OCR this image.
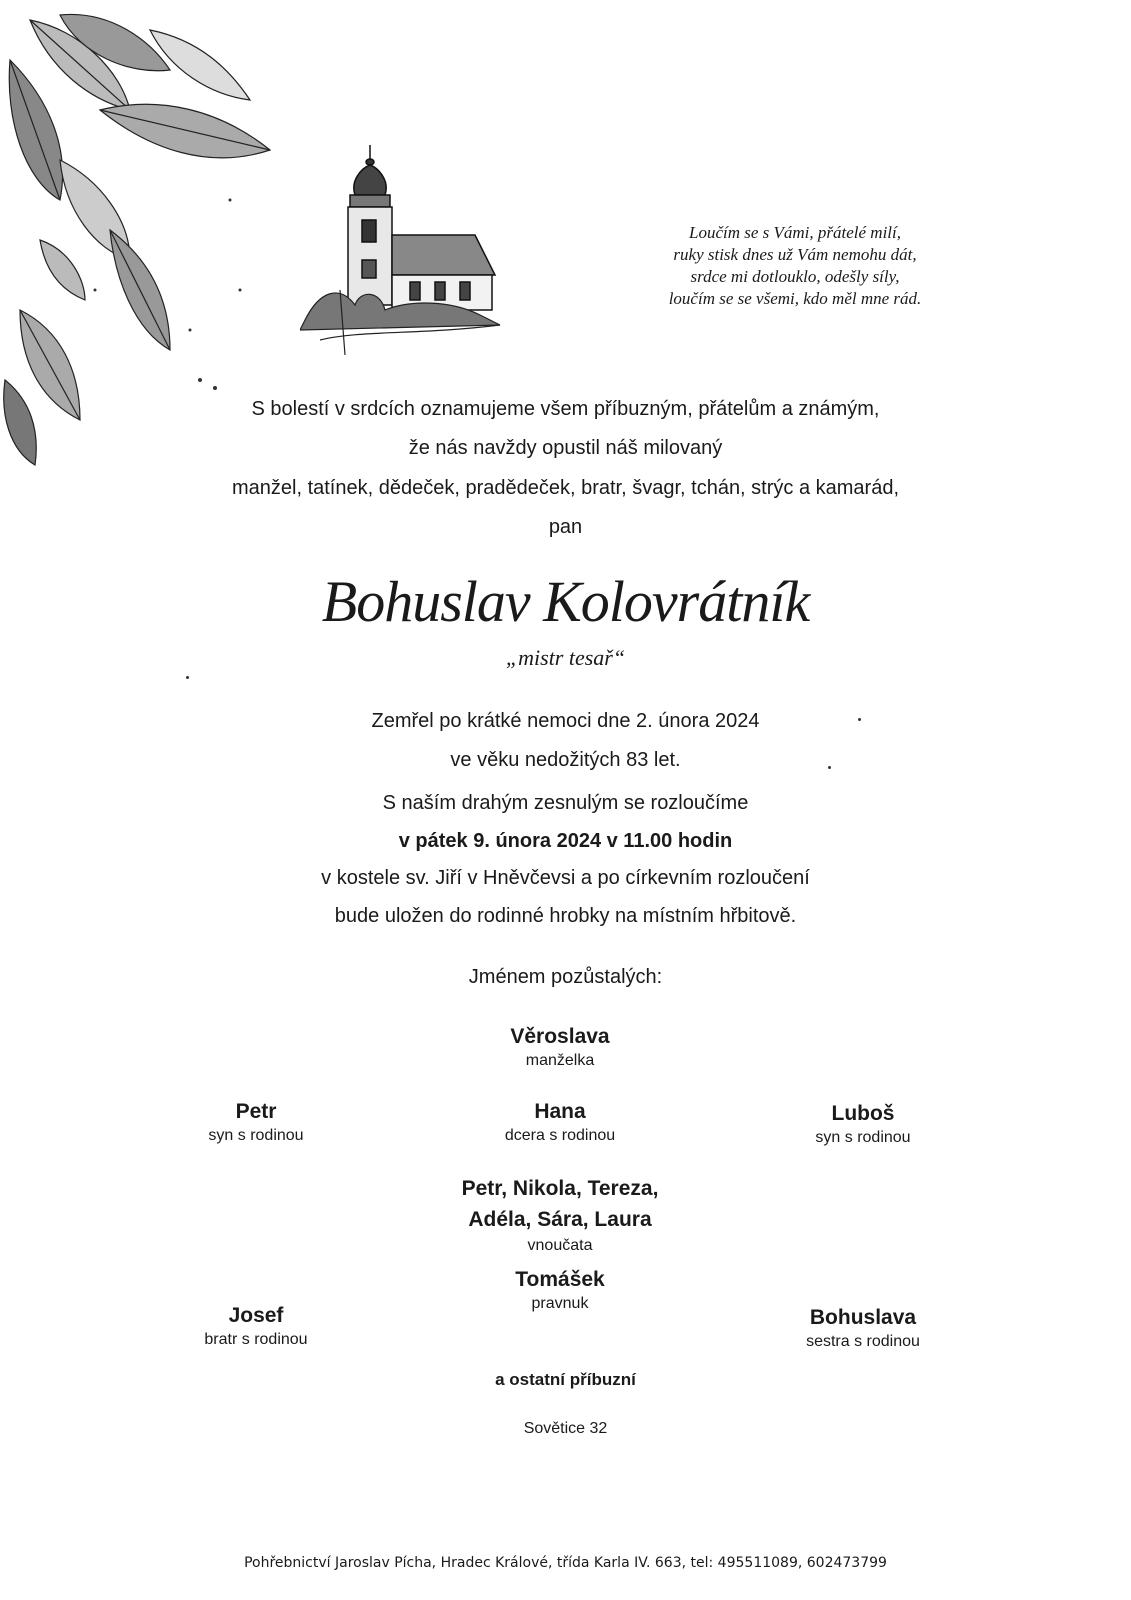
Loučím se s Vámi, přátelé milí,
ruky stisk dnes už Vám nemohu dát,
srdce mi dotlouklo, odešly síly,
loučím se se všemi, kdo měl mne rád.
S bolestí v srdcích oznamujeme všem příbuzným, přátelům a známým,
že nás navždy opustil náš milovaný
manžel, tatínek, dědeček, pradědeček, bratr, švagr, tchán, strýc a kamarád,
pan
Bohuslav Kolovrátník
„mistr tesař“
Zemřel po krátké nemoci dne 2. února 2024
ve věku nedožitých 83 let.
S naším drahým zesnulým se rozloučíme
v pátek 9. února 2024 v 11.00 hodin
v kostele sv. Jiří v Hněvčevsi a po církevním rozloučení
bude uložen do rodinné hrobky na místním hřbitově.
Jménem pozůstalých:
Věroslava
manželka
Petr
syn s rodinou
Hana
dcera s rodinou
Luboš
syn s rodinou
Petr, Nikola, Tereza,
Adéla, Sára, Laura
vnoučata
Tomášek
pravnuk
Josef
bratr s rodinou
Bohuslava
sestra s rodinou
a ostatní příbuzní
Sovětice 32
Pohřebnictví Jaroslav Pícha, Hradec Králové, třída Karla IV. 663, tel: 495511089, 602473799
